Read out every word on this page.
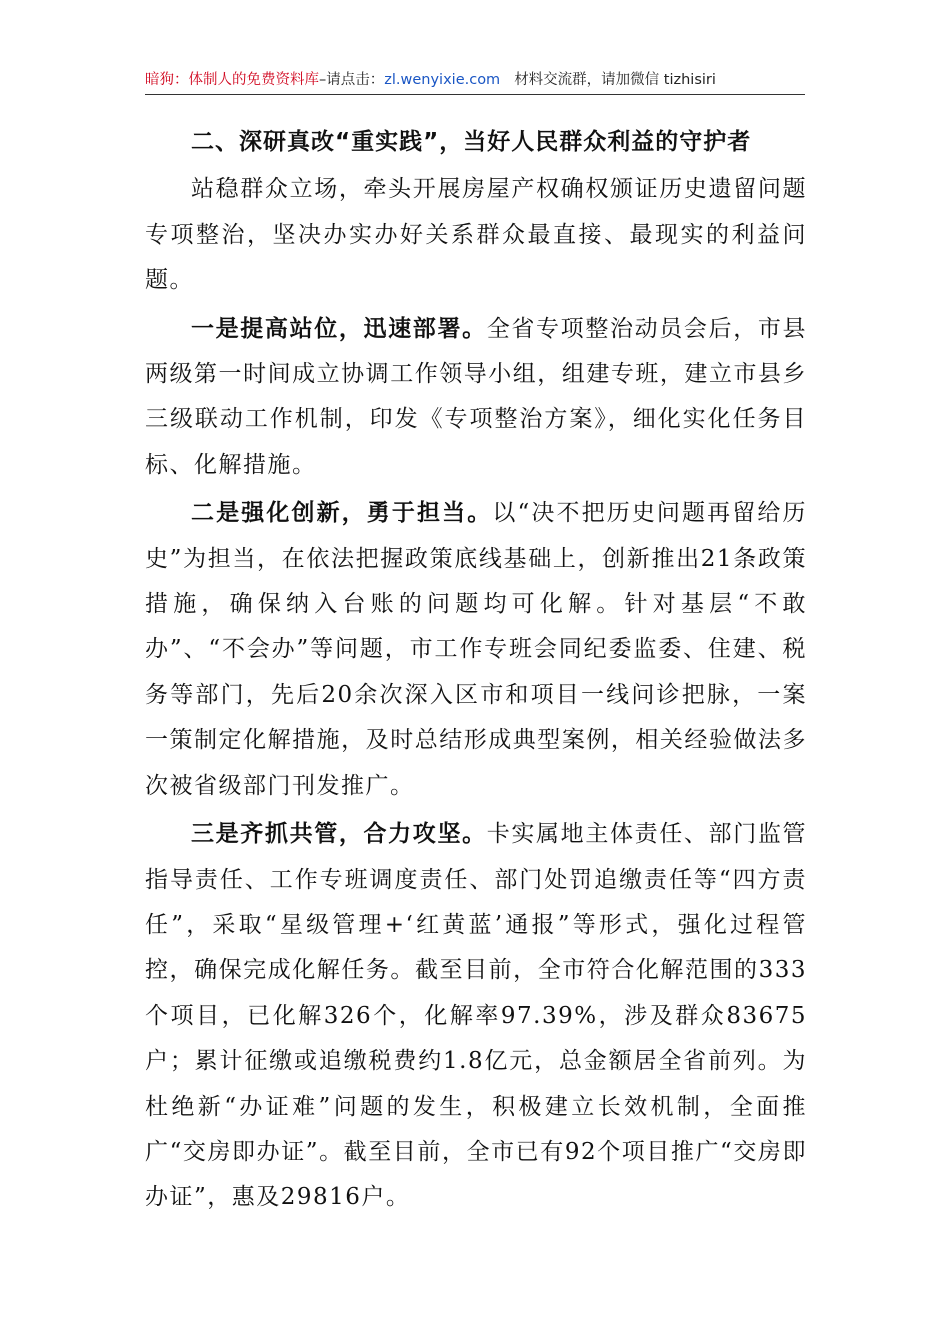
暗狗：体制人的免费资料库–请点击：zl.wenyixie.com 材料交流群，请加微信 tizhisiri

二、深研真改“重实践”，当好人民群众利益的守护者

站稳群众立场，牵头开展房屋产权确权颁证历史遗留问题专项整治，坚决办实办好关系群众最直接、最现实的利益问题。

一是提高站位，迅速部署。全省专项整治动员会后，市县两级第一时间成立协调工作领导小组，组建专班，建立市县乡三级联动工作机制，印发《专项整治方案》，细化实化任务目标、化解措施。

二是强化创新，勇于担当。以“决不把历史问题再留给历史”为担当，在依法把握政策底线基础上，创新推出21条政策措施，确保纳入台账的问题均可化解。针对基层“不敢办”、“不会办”等问题，市工作专班会同纪委监委、住建、税务等部门，先后20余次深入区市和项目一线问诊把脉，一案一策制定化解措施，及时总结形成典型案例，相关经验做法多次被省级部门刊发推广。

三是齐抓共管，合力攻坚。卡实属地主体责任、部门监管指导责任、工作专班调度责任、部门处罚追缴责任等“四方责任”，采取“星级管理+‘红黄蓝’通报”等形式，强化过程管控，确保完成化解任务。截至目前，全市符合化解范围的333个项目，已化解326个，化解率97.39%，涉及群众83675户；累计征缴或追缴税费约1.8亿元，总金额居全省前列。为杜绝新“办证难”问题的发生，积极建立长效机制，全面推广“交房即办证”。截至目前，全市已有92个项目推广“交房即办证”，惠及29816户。
